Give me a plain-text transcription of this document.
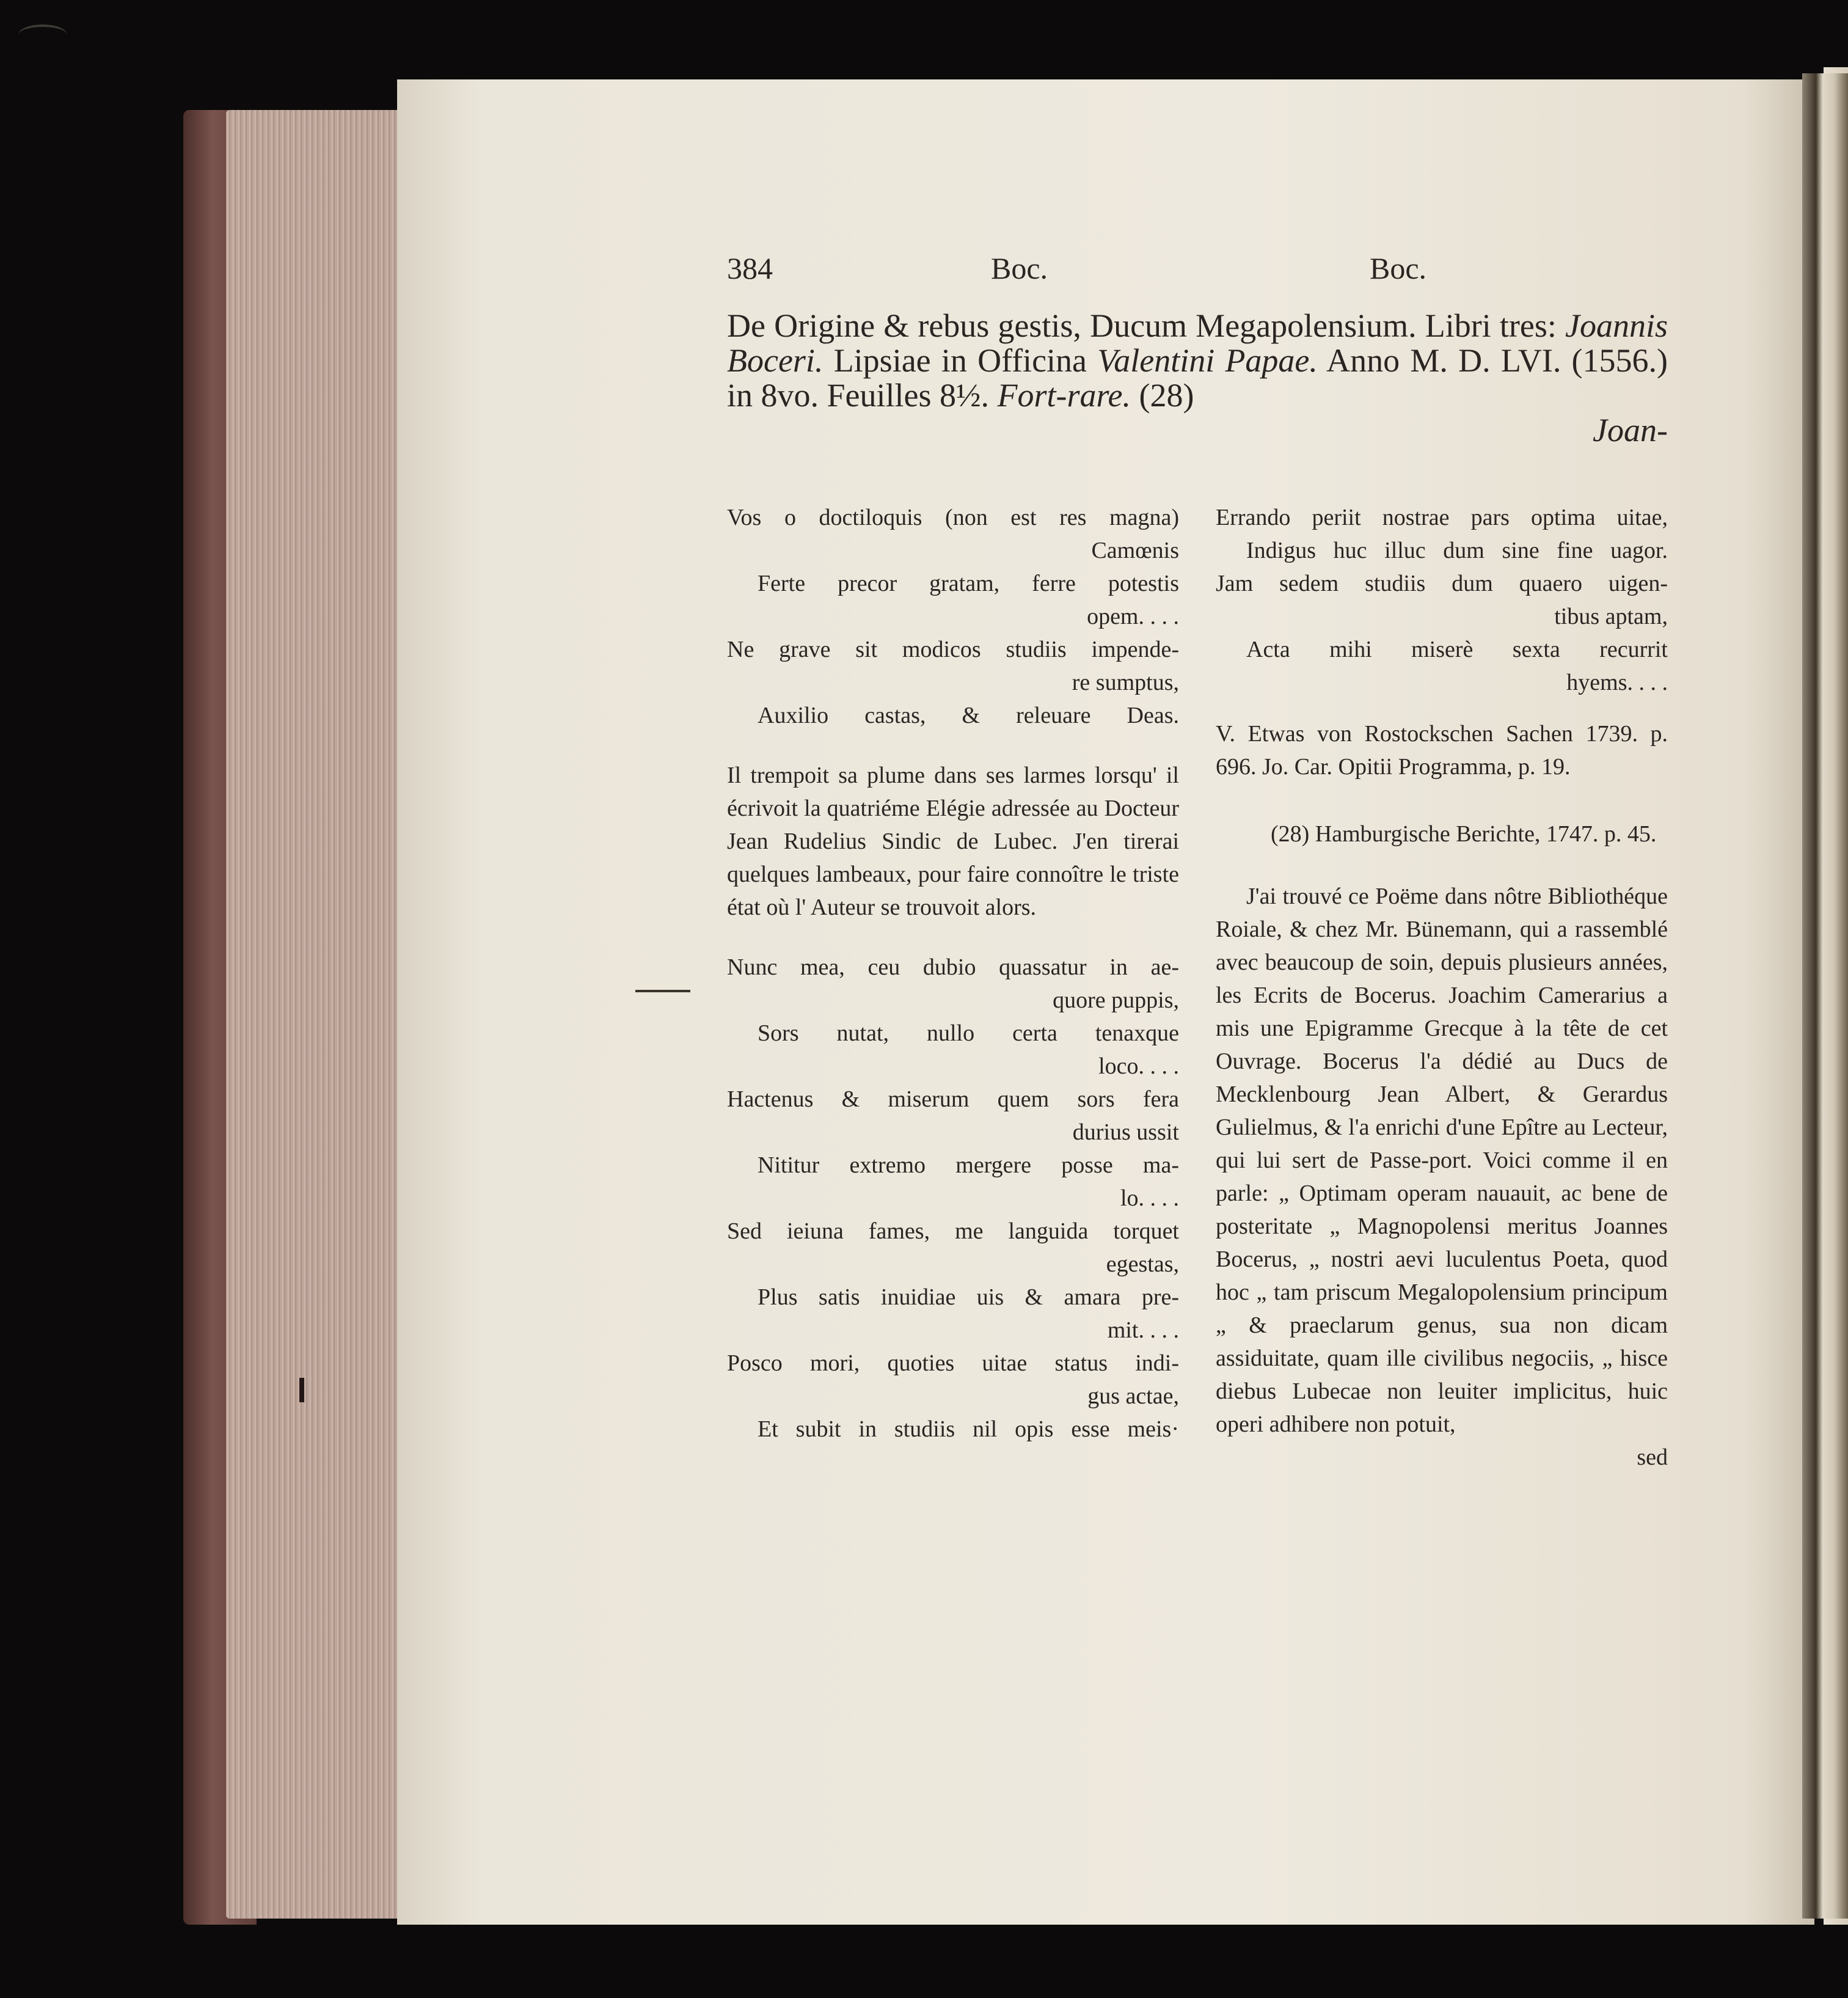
384	Boc.	Boc.
De Origine & rebus gestis, Ducum Megapolensium. Libri tres: Joannis Boceri. Lipsiae in Officina Valentini Papae. Anno M. D. LVI. (1556.) in 8vo. Feuilles 8½. Fort-rare. (28)
Joan-
Vos o doctiloquis (non est res magna)
Camœnis
Ferte precor gratam, ferre potestis
opem. . . .
Ne grave sit modicos studiis impende-
re sumptus,
Auxilio castas, & releuare Deas.

Il trempoit sa plume dans ses larmes lorsqu' il écrivoit la quatriéme Elégie adressée au Docteur Jean Rudelius Sindic de Lubec. J'en tirerai quelques lambeaux, pour faire connoître le triste état où l' Auteur se trouvoit alors.

Nunc mea, ceu dubio quassatur in ae-
quore puppis,
Sors nutat, nullo certa tenaxque
loco. . . .
Hactenus & miserum quem sors fera
durius ussit
Nititur extremo mergere posse ma-
lo. . . .
Sed ieiuna fames, me languida torquet
egestas,
Plus satis inuidiae uis & amara pre-
mit. . . .
Posco mori, quoties uitae status indi-
gus actae,
Et subit in studiis nil opis esse meis·
Errando periit nostrae pars optima uitae,
Indigus huc illuc dum sine fine uagor.
Jam sedem studiis dum quaero uigen-
tibus aptam,
Acta mihi miserè sexta recurrit
hyems. . . .

V. Etwas von Rostockschen Sachen 1739. p. 696. Jo. Car. Opitii Programma, p. 19.

(28) Hamburgische Berichte, 1747. p. 45.

J'ai trouvé ce Poëme dans nôtre Bibliothéque Roiale, & chez Mr. Bünemann, qui a rassemblé avec beaucoup de soin, depuis plusieurs années, les Ecrits de Bocerus. Joachim Camerarius a mis une Epigramme Grecque à la tête de cet Ouvrage. Bocerus l'a dédié au Ducs de Mecklenbourg Jean Albert, & Gerardus Gulielmus, & l'a enrichi d'une Epître au Lecteur, qui lui sert de Passe-port. Voici comme il en parle: „ Optimam operam nauauit, ac bene de posteritate „ Magnopolensi meritus Joannes Bocerus, „ nostri aevi luculentus Poeta, quod hoc „ tam priscum Megalopolensium principum „ & praeclarum genus, sua non dicam assiduitate, quam ille civilibus negociis, „ hisce diebus Lubecae non leuiter implicitus, huic operi adhibere non potuit,

sed
